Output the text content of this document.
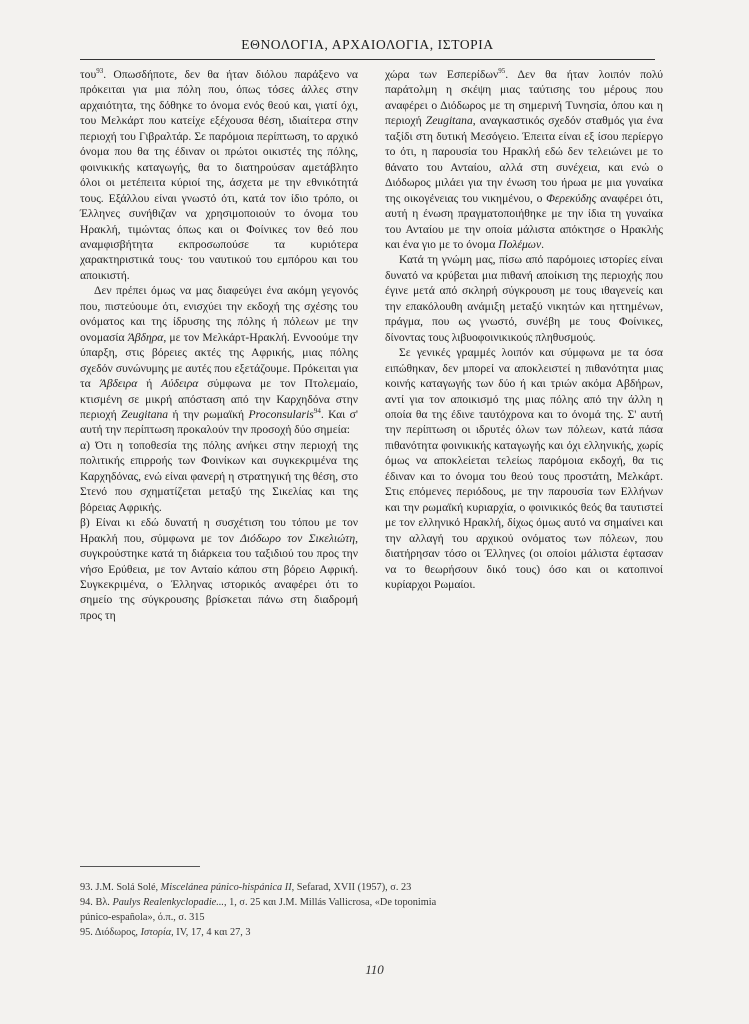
ΕΘΝΟΛΟΓΙΑ, ΑΡΧΑΙΟΛΟΓΙΑ, ΙΣΤΟΡΙΑ

του$^{93}$. Οπωσδήποτε, δεν θα ήταν διόλου παράξενο να πρόκειται για μια πόλη που, όπως τόσες άλλες στην αρχαιότητα, της δόθηκε το όνομα ενός θεού και, γιατί όχι, του Μελκάρτ που κατείχε εξέχουσα θέση, ιδιαίτερα στην περιοχή του Γιβραλτάρ. Σε παρόμοια περίπτωση, το αρχικό όνομα που θα της έδιναν οι πρώτοι οικιστές της πόλης, φοινικικής καταγωγής, θα το διατηρούσαν αμετάβλητο όλοι οι μετέπειτα κύριοί της, άσχετα με την εθνικότητά τους. Εξάλλου είναι γνωστό ότι, κατά τον ίδιο τρόπο, οι Έλληνες συνήθιζαν να χρησιμοποιούν το όνομα του Ηρακλή, τιμώντας όπως και οι Φοίνικες τον θεό που αναμφισβήτητα εκπροσωπούσε τα κυριότερα χαρακτηριστικά τους· του ναυτικού του εμπόρου και του αποικιστή.

Δεν πρέπει όμως να μας διαφεύγει ένα ακόμη γεγονός που, πιστεύουμε ότι, ενισχύει την εκδοχή της σχέσης του ονόματος και της ίδρυσης της πόλης ή πόλεων με την ονομασία Άβδηρα, με τον Μελκάρτ-Ηρακλή. Εννοούμε την ύπαρξη, στις βόρειες ακτές της Αφρικής, μιας πόλης σχεδόν συνώνυμης με αυτές που εξετάζουμε. Πρόκειται για τα Άβδειρα ή Αύδειρα σύμφωνα με τον Πτολεμαίο, κτισμένη σε μικρή απόσταση από την Καρχηδόνα στην περιοχή Zeugitana ή την ρωμαϊκή Proconsularis$^{94}$. Και σ' αυτή την περίπτωση προκαλούν την προσοχή δύο σημεία:

α) Ότι η τοποθεσία της πόλης ανήκει στην περιοχή της πολιτικής επιρροής των Φοινίκων και συγκεκριμένα της Καρχηδόνας, ενώ είναι φανερή η στρατηγική της θέση, στο Στενό που σχηματίζεται μεταξύ της Σικελίας και της βόρειας Αφρικής.

β) Είναι κι εδώ δυνατή η συσχέτιση του τόπου με τον Ηρακλή που, σύμφωνα με τον Διόδωρο τον Σικελιώτη, συγκρούστηκε κατά τη διάρκεια του ταξιδιού του προς την νήσο Ερύθεια, με τον Ανταίο κάπου στη βόρειο Αφρική. Συγκεκριμένα, ο Έλληνας ιστορικός αναφέρει ότι το σημείο της σύγκρουσης βρίσκεται πάνω στη διαδρομή προς τη

χώρα των Εσπερίδων$^{95}$. Δεν θα ήταν λοιπόν πολύ παράτολμη η σκέψη μιας ταύτισης του μέρους που αναφέρει ο Διόδωρος με τη σημερινή Τυνησία, όπου και η περιοχή Zeugitana, αναγκαστικός σχεδόν σταθμός για ένα ταξίδι στη δυτική Μεσόγειο. Έπειτα είναι εξ ίσου περίεργο το ότι, η παρουσία του Ηρακλή εδώ δεν τελειώνει με το θάνατο του Ανταίου, αλλά στη συνέχεια, και ενώ ο Διόδωρος μιλάει για την ένωση του ήρωα με μια γυναίκα της οικογένειας του νικημένου, ο Φερεκύδης αναφέρει ότι, αυτή η ένωση πραγματοποιήθηκε με την ίδια τη γυναίκα του Ανταίου με την οποία μάλιστα απόκτησε ο Ηρακλής και ένα γιο με το όνομα Πολέμων.

Κατά τη γνώμη μας, πίσω από παρόμοιες ιστορίες είναι δυνατό να κρύβεται μια πιθανή αποίκιση της περιοχής που έγινε μετά από σκληρή σύγκρουση με τους ιθαγενείς και την επακόλουθη ανάμιξη μεταξύ νικητών και ηττημένων, πράγμα, που ως γνωστό, συνέβη με τους Φοίνικες, δίνοντας τους λιβυοφοινικικούς πληθυσμούς.

Σε γενικές γραμμές λοιπόν και σύμφωνα με τα όσα ειπώθηκαν, δεν μπορεί να αποκλειστεί η πιθανότητα μιας κοινής καταγωγής των δύο ή και τριών ακόμα Αβδήρων, αντί για τον αποικισμό της μιας πόλης από την άλλη η οποία θα της έδινε ταυτόχρονα και το όνομά της. Σ' αυτή την περίπτωση οι ιδρυτές όλων των πόλεων, κατά πάσα πιθανότητα φοινικικής καταγωγής και όχι ελληνικής, χωρίς όμως να αποκλείεται τελείως παρόμοια εκδοχή, θα τις έδιναν και το όνομα του θεού τους προστάτη, Μελκάρτ. Στις επόμενες περιόδους, με την παρουσία των Ελλήνων και την ρωμαϊκή κυριαρχία, ο φοινικικός θεός θα ταυτιστεί με τον ελληνικό Ηρακλή, δίχως όμως αυτό να σημαίνει και την αλλαγή του αρχικού ονόματος των πόλεων, που διατήρησαν τόσο οι Έλληνες (οι οποίοι μάλιστα έφτασαν να το θεωρήσουν δικό τους) όσο και οι κατοπινοί κυρίαρχοι Ρωμαίοι.

93. J.M. Solá Solé, Miscelánea púnico-hispánica II, Sefarad, XVII (1957), σ. 23
94. Βλ. Paulys Realenkyclopadie..., 1, σ. 25 και J.M. Millás Vallicrosa, «De toponimia
púnico-española», ό.π., σ. 315
95. Διόδωρος, Ιστορία, IV, 17, 4 και 27, 3
110
